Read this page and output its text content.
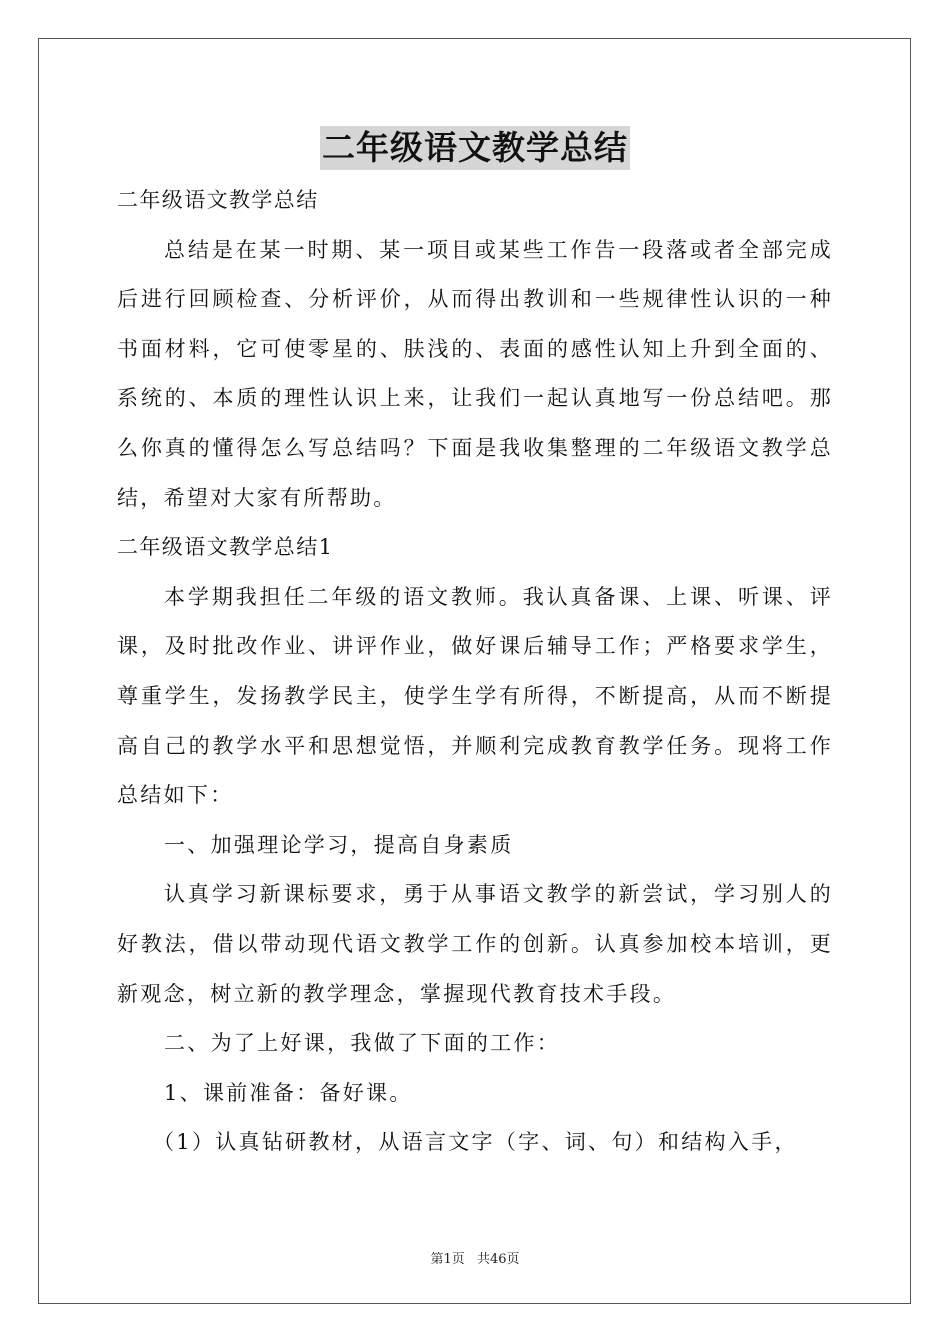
二年级语文教学总结

二年级语文教学总结

总结是在某一时期、某一项目或某些工作告一段落或者全部完成后进行回顾检查、分析评价，从而得出教训和一些规律性认识的一种书面材料，它可使零星的、肤浅的、表面的感性认知上升到全面的、系统的、本质的理性认识上来，让我们一起认真地写一份总结吧。那么你真的懂得怎么写总结吗？下面是我收集整理的二年级语文教学总结，希望对大家有所帮助。

二年级语文教学总结1

本学期我担任二年级的语文教师。我认真备课、上课、听课、评课，及时批改作业、讲评作业，做好课后辅导工作；严格要求学生，尊重学生，发扬教学民主，使学生学有所得，不断提高，从而不断提高自己的教学水平和思想觉悟，并顺利完成教育教学任务。现将工作总结如下：

一、加强理论学习，提高自身素质

认真学习新课标要求，勇于从事语文教学的新尝试，学习别人的好教法，借以带动现代语文教学工作的创新。认真参加校本培训，更新观念，树立新的教学理念，掌握现代教育技术手段。

二、为了上好课，我做了下面的工作：

1、课前准备：备好课。

（1）认真钻研教材，从语言文字（字、词、句）和结构入手，

第1页 共46页
